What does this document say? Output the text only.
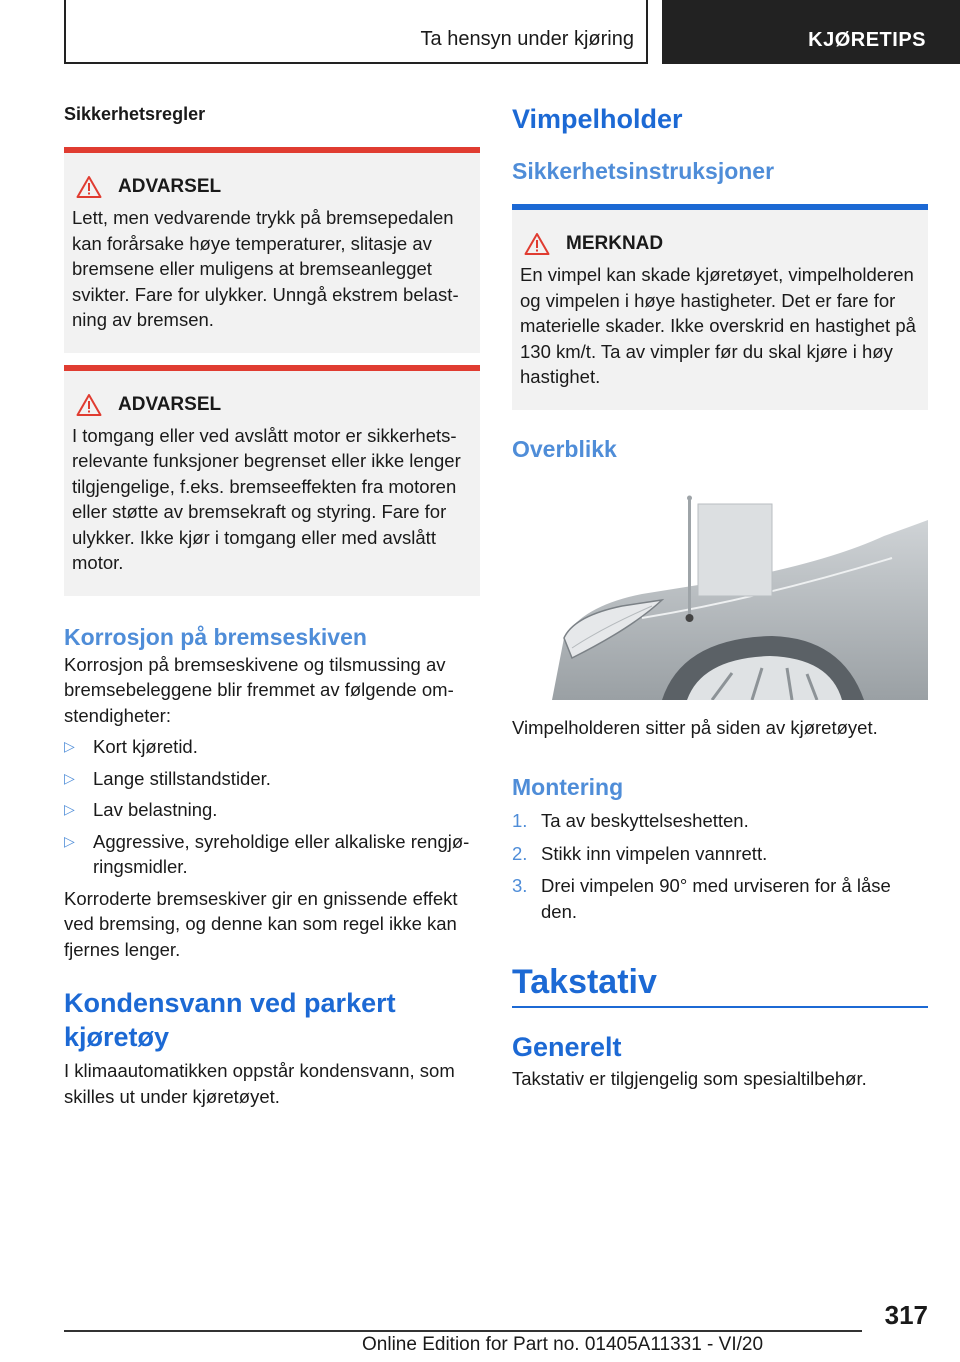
Ta hensyn under kjøring	KJØRETIPS

Sikkerhetsregler

ADVARSEL

Lett, men vedvarende trykk på bremsepedalen kan forårsake høye temperaturer, slitasje av bremsene eller muligens at bremseanlegget svikter. Fare for ulykker. Unngå ekstrem belastning av bremsen.

ADVARSEL

I tomgang eller ved avslått motor er sikkerhetsrelevante funksjoner begrenset eller ikke lenger tilgjengelige, f.eks. bremseeffekten fra motoren eller støtte av bremsekraft og styring. Fare for ulykker. Ikke kjør i tomgang eller med avslått motor.

Korrosjon på bremseskiven

Korrosjon på bremseskivene og tilsmussing av bremsebeleggene blir fremmet av følgende omstendigheter:

▷ Kort kjøretid.
▷ Lange stillstandstider.
▷ Lav belastning.
▷ Aggressive, syreholdige eller alkaliske rengjøringsmidler.

Korroderte bremseskiver gir en gnissende effekt ved bremsing, og denne kan som regel ikke kan fjernes lenger.

Kondensvann ved parkert kjøretøy

I klimaautomatikken oppstår kondensvann, som skilles ut under kjøretøyet.

Vimpelholder
Sikkerhetsinstruksjoner
MERKNAD

En vimpel kan skade kjøretøyet, vimpelholderen og vimpelen i høye hastigheter. Det er fare for materielle skader. Ikke overskrid en hastighet på 130 km/t. Ta av vimpler før du skal kjøre i høy hastighet.

Overblikk

Vimpelholderen sitter på siden av kjøretøyet.

Montering
1. Ta av beskyttelseshetten.
2. Stikk inn vimpelen vannrett.
3. Drei vimpelen 90° med urviseren for å låse den.
Takstativ
Generelt

Takstativ er tilgjengelig som spesialtilbehør.

317
Online Edition for Part no. 01405A11331 - VI/20
